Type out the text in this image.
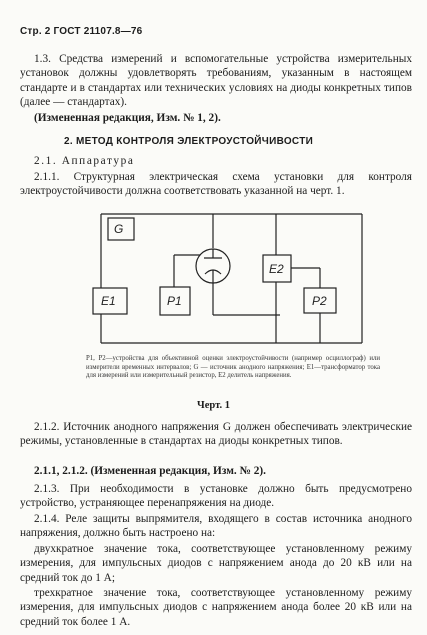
Стр. 2 ГОСТ 21107.8—76

1.3. Средства измерений и вспомогательные устройства измерительных установок должны удовлетворять требованиям, указанным в настоящем стандарте и в стандартах или технических условиях на диоды конкретных типов (далее — стандартах).

(Измененная редакция, Изм. № 1, 2).

2. МЕТОД КОНТРОЛЯ ЭЛЕКТРОУСТОЙЧИВОСТИ

2.1. Аппаратура

2.1.1. Структурная электрическая схема установки для контроля электроустойчивости должна соответствовать указанной на черт. 1.

G
E1	P1
E2
P2

P1, P2—устройства для объективной оценки электроустойчивости (например осциллограф) или измерители временных интервалов; G — источник анодного напряжения; E1—трансформатор тока для измерений или измерительный резистор, E2 делитель напряжения.

Черт. 1

2.1.2. Источник анодного напряжения G должен обеспечивать электрические режимы, установленные в стандартах на диоды конкретных типов.

2.1.1, 2.1.2. (Измененная редакция, Изм. № 2).

2.1.3. При необходимости в установке должно быть предусмотрено устройство, устраняющее перенапряжения на диоде.

2.1.4. Реле защиты выпрямителя, входящего в состав источника анодного напряжения, должно быть настроено на:

двухкратное значение тока, соответствующее установленному режиму измерения, для импульсных диодов с напряжением анода до 20 кВ или на средний ток до 1 А;

трехкратное значение тока, соответствующее установленному режиму измерения, для импульсных диодов с напряжением анода более 20 кВ или на средний ток более 1 А.
